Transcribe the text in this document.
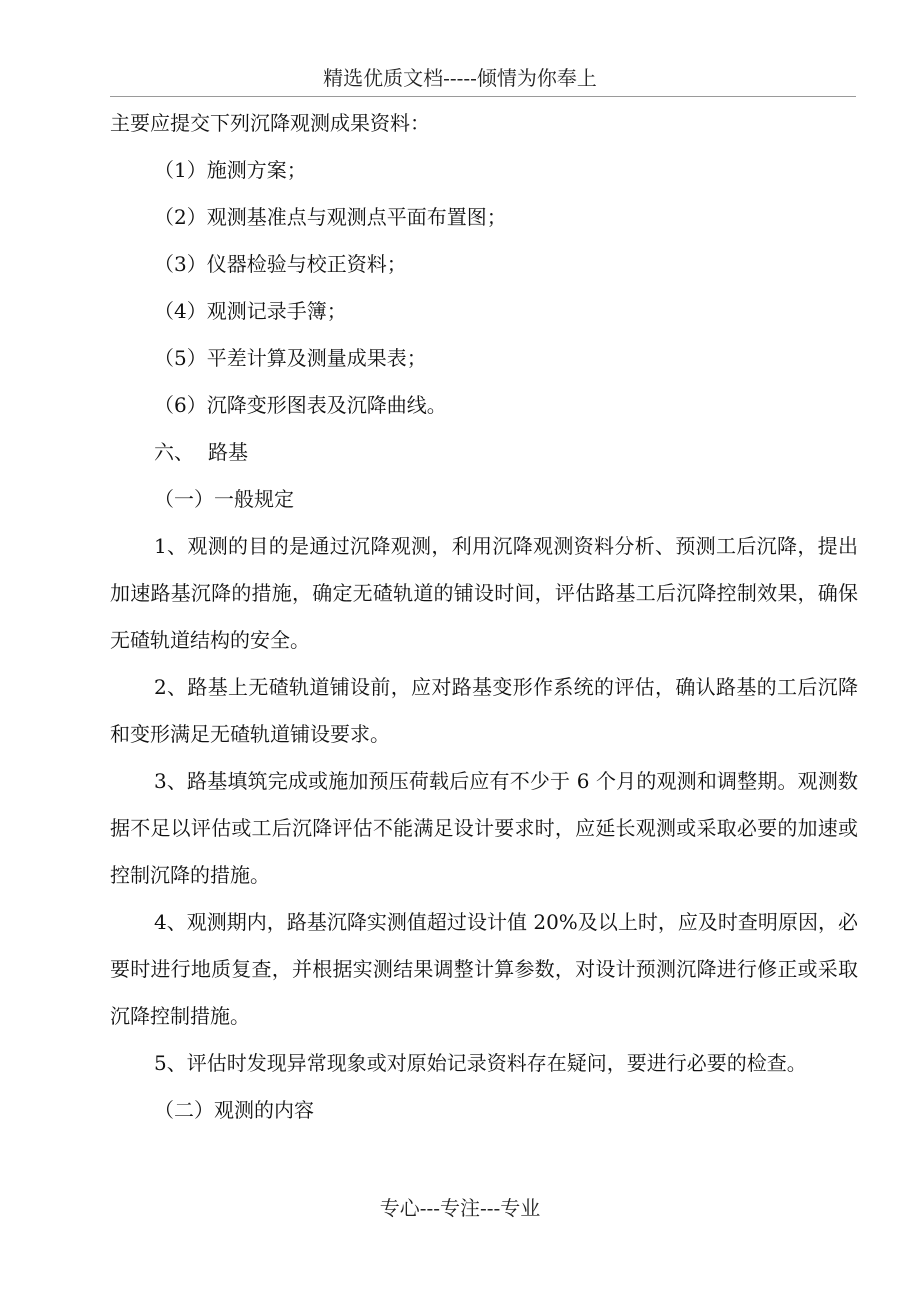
精选优质文档-----倾情为你奉上
主要应提交下列沉降观测成果资料：
（1）施测方案；
（2）观测基准点与观测点平面布置图；
（3）仪器检验与校正资料；
（4）观测记录手簿；
（5）平差计算及测量成果表；
（6）沉降变形图表及沉降曲线。
六、 路基
（一）一般规定

1、观测的目的是通过沉降观测，利用沉降观测资料分析、预测工后沉降，提出加速路基沉降的措施，确定无碴轨道的铺设时间，评估路基工后沉降控制效果，确保无碴轨道结构的安全。

2、路基上无碴轨道铺设前，应对路基变形作系统的评估，确认路基的工后沉降和变形满足无碴轨道铺设要求。

3、路基填筑完成或施加预压荷载后应有不少于 6 个月的观测和调整期。观测数据不足以评估或工后沉降评估不能满足设计要求时，应延长观测或采取必要的加速或控制沉降的措施。

4、观测期内，路基沉降实测值超过设计值 20%及以上时，应及时查明原因，必要时进行地质复查，并根据实测结果调整计算参数，对设计预测沉降进行修正或采取沉降控制措施。

5、评估时发现异常现象或对原始记录资料存在疑问，要进行必要的检查。

（二）观测的内容
专心---专注---专业
